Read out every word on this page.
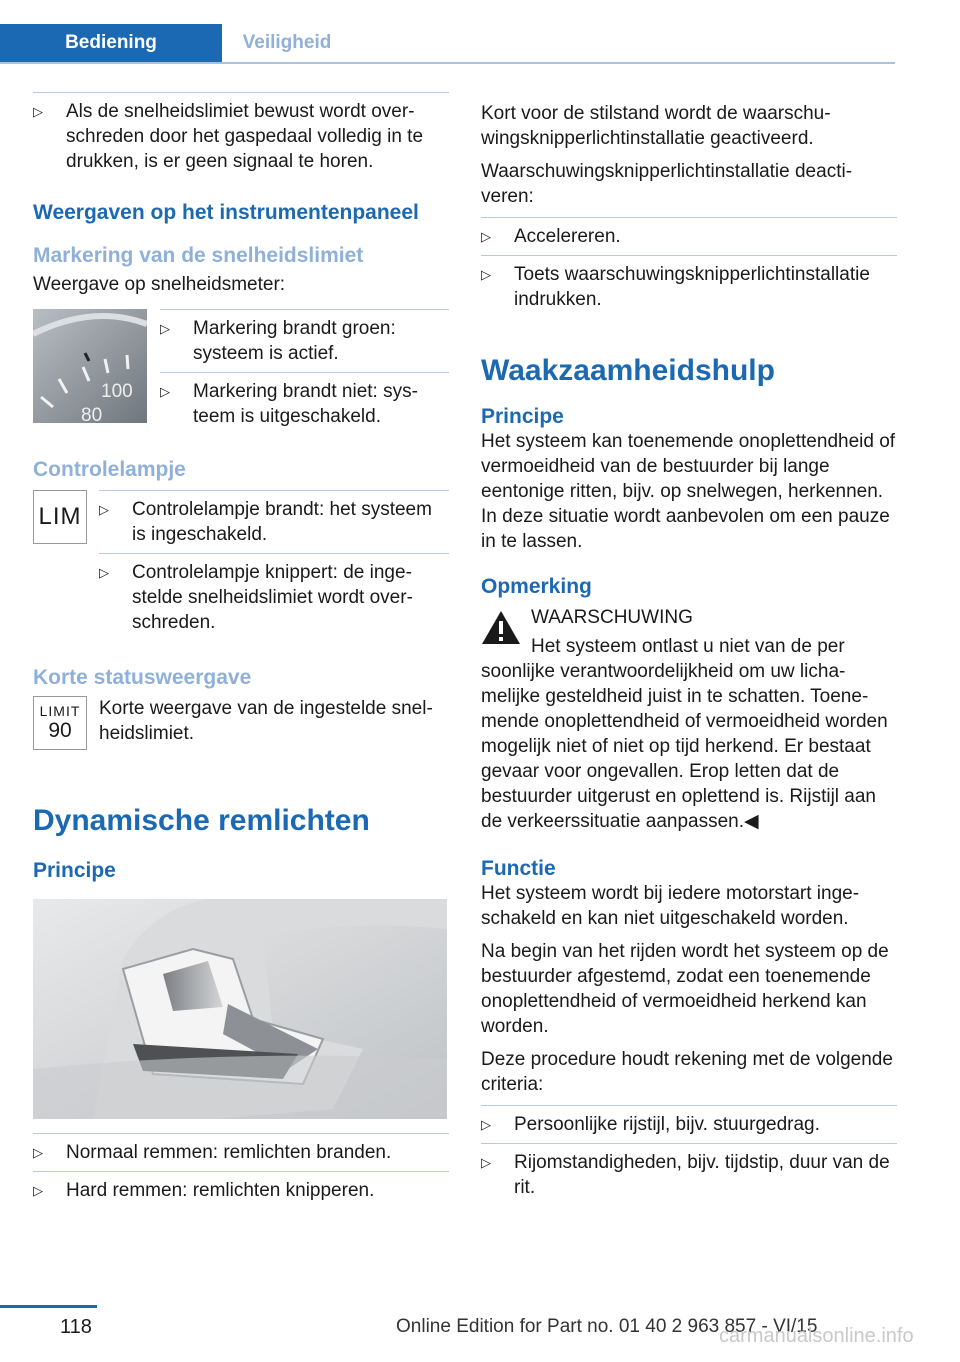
Bediening	Veiligheid
▷ Als de snelheidslimiet bewust wordt overschreden door het gaspedaal volledig in te drukken, is er geen signaal te horen.
Weergaven op het instrumentenpaneel
Markering van de snelheidslimiet

Weergave op snelheidsmeter:

100
80
▷ Markering brandt groen: systeem is actief.
▷ Markering brandt niet: systeem is uitgeschakeld.
Controlelampje
LIM ▷ Controlelampje brandt: het systeem is ingeschakeld.
▷ Controlelampje knippert: de ingestelde snelheidslimiet wordt overschreden.
Korte statusweergave
LIMIT
90

Korte weergave van de ingestelde snelheidslimiet.

Dynamische remlichten
Principe
▷ Normaal remmen: remlichten branden.
▷ Hard remmen: remlichten knipperen.

Kort voor de stilstand wordt de waarschuwingsknipperlichtinstallatie geactiveerd.

Waarschuwingsknipperlichtinstallatie deactiveren:

▷ Accelereren.
▷ Toets waarschuwingsknipperlichtinstallatie indrukken.
Waakzaamheidshulp
Principe

Het systeem kan toenemende onoplettendheid of vermoeidheid van de bestuurder bij lange eentonige ritten, bijv. op snelwegen, herkennen. In deze situatie wordt aanbevolen om een pauze in te lassen.

Opmerking

WAARSCHUWING

Het systeem ontlast u niet van de per

soonlijke verantwoordelijkheid om uw lichamelijke gesteldheid juist in te schatten. Toenemende onoplettendheid of vermoeidheid worden mogelijk niet of niet op tijd herkend. Er bestaat gevaar voor ongevallen. Erop letten dat de bestuurder uitgerust en oplettend is. Rijstijl aan de verkeerssituatie aanpassen.◀

Functie

Het systeem wordt bij iedere motorstart ingeschakeld en kan niet uitgeschakeld worden.

Na begin van het rijden wordt het systeem op de bestuurder afgestemd, zodat een toenemende onoplettendheid of vermoeidheid herkend kan worden.

Deze procedure houdt rekening met de volgende criteria:

▷ Persoonlijke rijstijl, bijv. stuurgedrag.
▷ Rijomstandigheden, bijv. tijdstip, duur van de rit.
118	Online Edition for Part no. 01 40 2 963 857 - VI/15
carmanualsonline.info
